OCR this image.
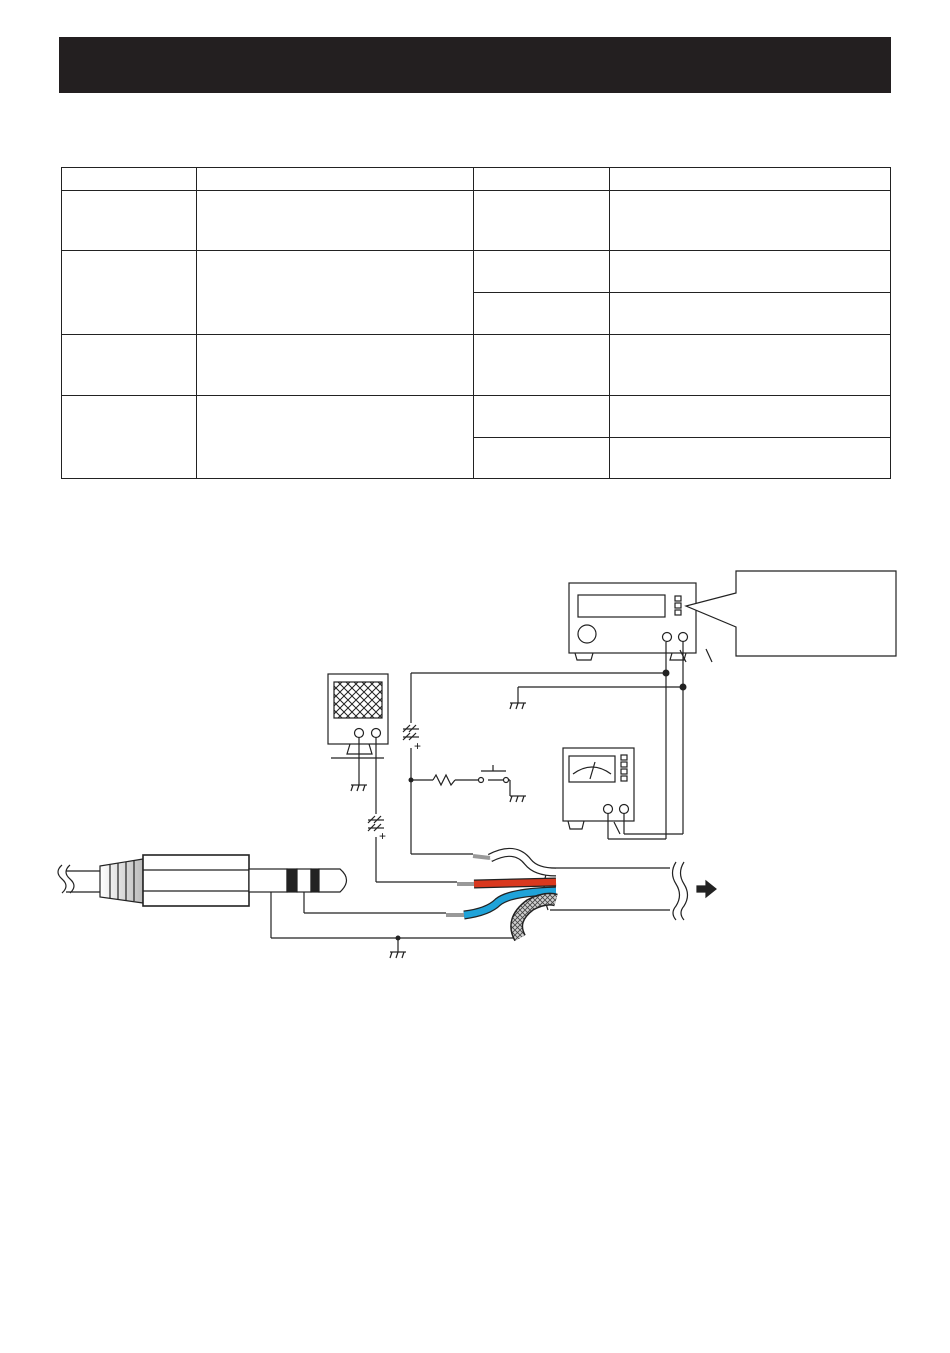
+
+
